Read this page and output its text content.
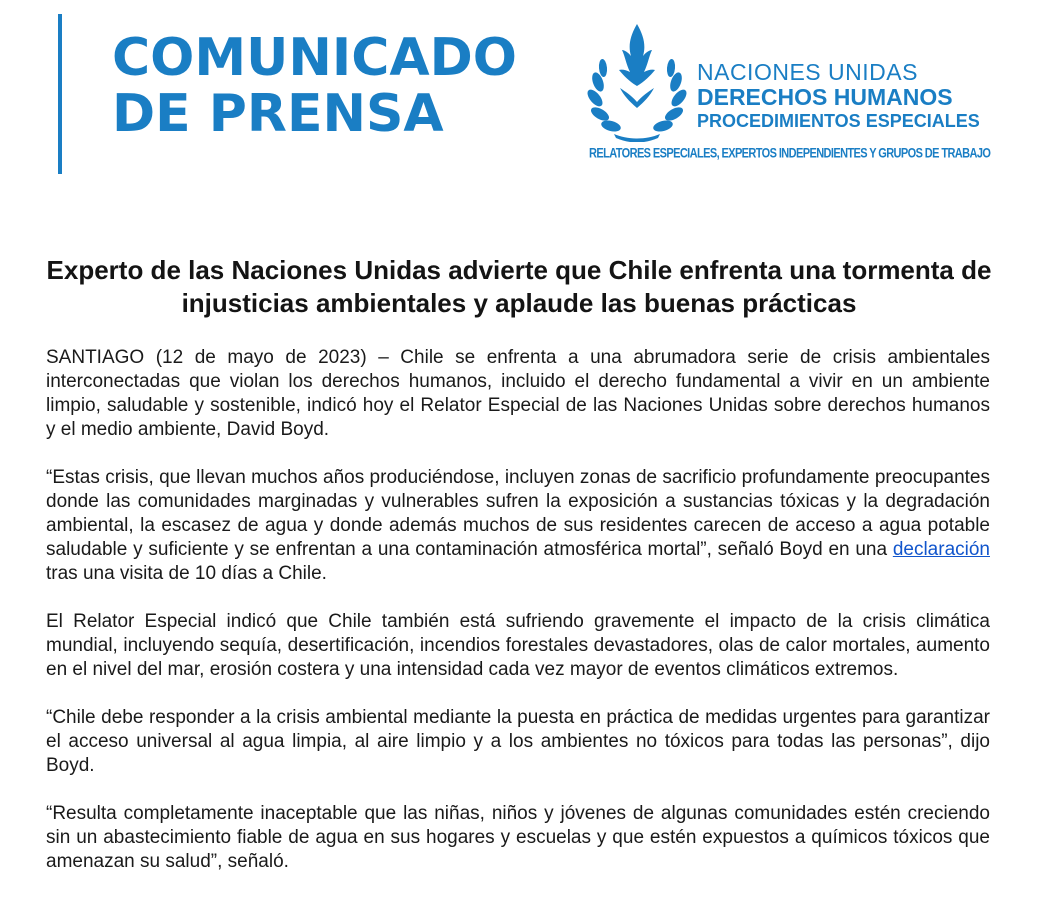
COMUNICADO
DE PRENSA
NACIONES UNIDAS
DERECHOS HUMANOS
PROCEDIMIENTOS ESPECIALES
RELATORES ESPECIALES, EXPERTOS INDEPENDIENTES Y GRUPOS DE TRABAJO
Experto de las Naciones Unidas advierte que Chile enfrenta una tormenta de injusticias ambientales y aplaude las buenas prácticas

SANTIAGO (12 de mayo de 2023) – Chile se enfrenta a una abrumadora serie de crisis ambientales interconectadas que violan los derechos humanos, incluido el derecho fundamental a vivir en un ambiente limpio, saludable y sostenible, indicó hoy el Relator Especial de las Naciones Unidas sobre derechos humanos y el medio ambiente, David Boyd.

“Estas crisis, que llevan muchos años produciéndose, incluyen zonas de sacrificio profundamente preocupantes donde las comunidades marginadas y vulnerables sufren la exposición a sustancias tóxicas y la degradación ambiental, la escasez de agua y donde además muchos de sus residentes carecen de acceso a agua potable saludable y suficiente y se enfrentan a una contaminación atmosférica mortal”, señaló Boyd en una declaración tras una visita de 10 días a Chile.

El Relator Especial indicó que Chile también está sufriendo gravemente el impacto de la crisis climática mundial, incluyendo sequía, desertificación, incendios forestales devastadores, olas de calor mortales, aumento en el nivel del mar, erosión costera y una intensidad cada vez mayor de eventos climáticos extremos.

“Chile debe responder a la crisis ambiental mediante la puesta en práctica de medidas urgentes para garantizar el acceso universal al agua limpia, al aire limpio y a los ambientes no tóxicos para todas las personas”, dijo Boyd.

“Resulta completamente inaceptable que las niñas, niños y jóvenes de algunas comunidades estén creciendo sin un abastecimiento fiable de agua en sus hogares y escuelas y que estén expuestos a químicos tóxicos que amenazan su salud”, señaló.
